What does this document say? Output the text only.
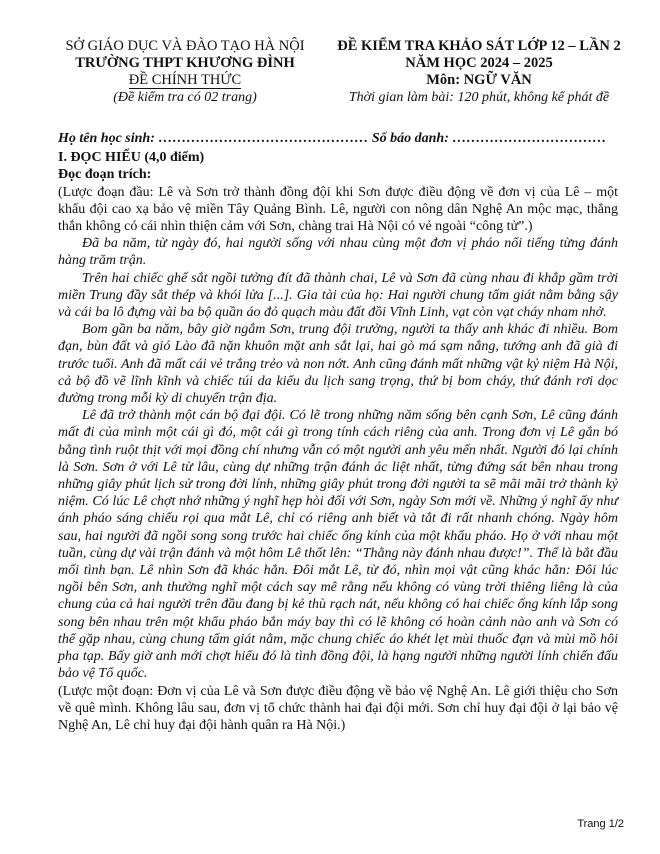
SỞ GIÁO DỤC VÀ ĐÀO TẠO HÀ NỘI
TRƯỜNG THPT KHƯƠNG ĐÌNH
ĐỀ CHÍNH THỨC
(Đề kiểm tra có 02 trang)
ĐỀ KIỂM TRA KHẢO SÁT LỚP 12 – LẦN 2
NĂM HỌC 2024 – 2025
Môn: NGỮ VĂN
Thời gian làm bài: 120 phút, không kể phát đề

Họ tên học sinh: ……………………………………… Số báo danh: ……………………………

I. ĐỌC HIỂU (4,0 điểm)

Đọc đoạn trích:

(Lược đoạn đầu: Lê và Sơn trở thành đồng đội khi Sơn được điều động về đơn vị của Lê – một khẩu đội cao xạ bảo vệ miền Tây Quảng Bình. Lê, người con nông dân Nghệ An mộc mạc, thẳng thắn không có cái nhìn thiện cảm với Sơn, chàng trai Hà Nội có vẻ ngoài “công tử”.)

Đã ba năm, từ ngày đó, hai người sống với nhau cùng một đơn vị pháo nổi tiếng từng đánh hàng trăm trận.

Trên hai chiếc ghế sắt ngồi tưởng đít đã thành chai, Lê và Sơn đã cùng nhau đi khắp gầm trời miền Trung đầy sắt thép và khói lửa [...]. Gia tài của họ: Hai người chung tấm giát nằm bằng sậy và cái ba lô đựng vài ba bộ quần áo đỏ quạch màu đất đồi Vĩnh Linh, vạt còn vạt cháy nham nhở.

Bom gần ba năm, bây giờ ngắm Sơn, trung đội trưởng, người ta thấy anh khác đi nhiều. Bom đạn, bùn đất và gió Lào đã nặn khuôn mặt anh sắt lại, hai gò má sạm nắng, tướng anh đã già đi trước tuổi. Anh đã mất cái vẻ trắng trẻo và non nớt. Anh cũng đánh mất những vật kỷ niệm Hà Nội, cả bộ đồ vẽ lĩnh kĩnh và chiếc túi da kiểu du lịch sang trọng, thứ bị bom cháy, thứ đánh rơi dọc đường trong mỗi kỳ di chuyển trận địa.

Lê đã trở thành một cán bộ đại đội. Có lẽ trong những năm sống bên cạnh Sơn, Lê cũng đánh mất đi của mình một cái gì đó, một cái gì trong tính cách riêng của anh. Trong đơn vị Lê gắn bó bằng tình ruột thịt với mọi đồng chí nhưng vẫn có một người anh yêu mến nhất. Người đó lại chính là Sơn. Sơn ở với Lê từ lâu, cùng dự những trận đánh ác liệt nhất, từng đứng sát bên nhau trong những giây phút lịch sử trong đời lính, những giây phút trong đời người ta sẽ mãi mãi trở thành kỷ niệm. Có lúc Lê chợt nhớ những ý nghĩ hẹp hòi đối với Sơn, ngày Sơn mới về. Những ý nghĩ ấy như ánh pháo sáng chiếu rọi qua mắt Lê, chỉ có riêng anh biết và tắt đi rất nhanh chóng. Ngày hôm sau, hai người đã ngồi song song trước hai chiếc ống kính của một khẩu pháo. Họ ở với nhau một tuần, cùng dự vài trận đánh và một hôm Lê thốt lên: “Thằng này đánh nhau được!”. Thế là bắt đầu mối tình bạn. Lê nhìn Sơn đã khác hẳn. Đôi mắt Lê, từ đó, nhìn mọi vật cũng khác hẳn: Đôi lúc ngồi bên Sơn, anh thường nghĩ một cách say mê rằng nếu không có vùng trời thiêng liêng là của chung của cả hai người trên đầu đang bị kẻ thù rạch nát, nếu không có hai chiếc ống kính lắp song song bên nhau trên một khẩu pháo bắn máy bay thì có lẽ không có hoàn cảnh nào anh và Sơn có thể gặp nhau, cùng chung tấm giát nằm, mặc chung chiếc áo khét lẹt mùi thuốc đạn và mùi mồ hôi pha tạp. Bấy giờ anh mới chợt hiểu đó là tình đồng đội, là hạng người những người lính chiến đấu bảo vệ Tổ quốc.

(Lược một đoạn: Đơn vị của Lê và Sơn được điều động về bảo vệ Nghệ An. Lê giới thiệu cho Sơn về quê mình. Không lâu sau, đơn vị tổ chức thành hai đại đội mới. Sơn chỉ huy đại đội ở lại bảo vệ Nghệ An, Lê chỉ huy đại đội hành quân ra Hà Nội.)

Trang 1/2
